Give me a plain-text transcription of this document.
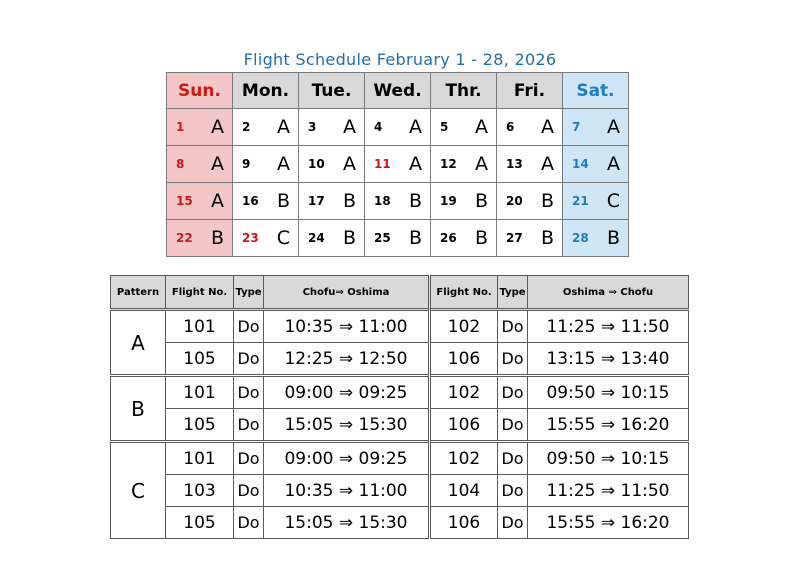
Flight Schedule February 1 - 28, 2026
Sun.	Mon.	Tue.	Wed.	Thr.	Fri.	Sat.

1 A	2 A	3 A	4 A	5 A	6 A	7 A

8 A	9 A	10 A	11 A	12 A	13 A	14 A

15 A	16 B	17 B	18 B	19 B	20 B	21 C

22 B	23 C	24 B	25 B	26 B	27 B	28 B
Pattern	Flight No.	Type	Chofu⇒ Oshima	Flight No.	Type	Oshima ⇒ Chofu
A	101	Do	10:35 ⇒ 11:00	102	Do	11:25 ⇒ 11:50
	105	Do	12:25 ⇒ 12:50	106	Do	13:15 ⇒ 13:40
B	101	Do	09:00 ⇒ 09:25	102	Do	09:50 ⇒ 10:15
	105	Do	15:05 ⇒ 15:30	106	Do	15:55 ⇒ 16:20
C	101	Do	09:00 ⇒ 09:25	102	Do	09:50 ⇒ 10:15
	103	Do	10:35 ⇒ 11:00	104	Do	11:25 ⇒ 11:50
	105	Do	15:05 ⇒ 15:30	106	Do	15:55 ⇒ 16:20
